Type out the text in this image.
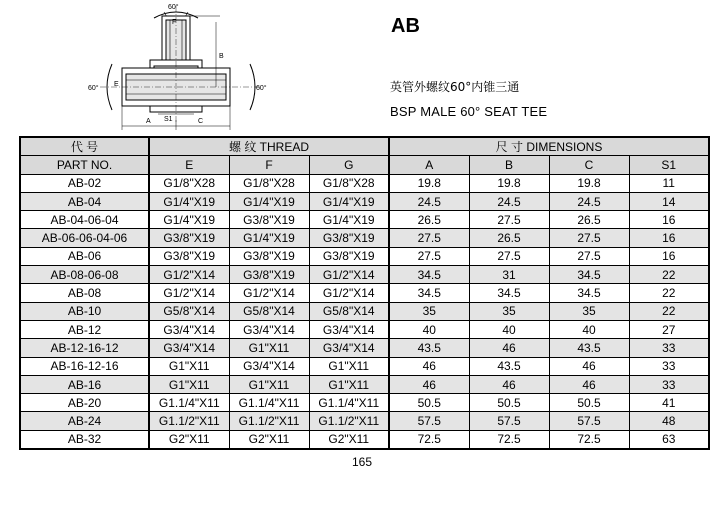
60°
60°	60°
F
E
B
A S1	C
AB
英管外螺纹60°内锥三通
BSP MALE 60° SEAT TEE
代 号	螺 纹 THREAD			尺 寸 DIMENSIONS			
PART NO.	E	F	G	A	B	C	S1
AB-02	G1/8"X28	G1/8"X28	G1/8"X28	19.8	19.8	19.8	11
AB-04	G1/4"X19	G1/4"X19	G1/4"X19	24.5	24.5	24.5	14
AB-04-06-04	G1/4"X19	G3/8"X19	G1/4"X19	26.5	27.5	26.5	16
AB-06-06-04-06	G3/8"X19	G1/4"X19	G3/8"X19	27.5	26.5	27.5	16
AB-06	G3/8"X19	G3/8"X19	G3/8"X19	27.5	27.5	27.5	16
AB-08-06-08	G1/2"X14	G3/8"X19	G1/2"X14	34.5	31	34.5	22
AB-08	G1/2"X14	G1/2"X14	G1/2"X14	34.5	34.5	34.5	22
AB-10	G5/8"X14	G5/8"X14	G5/8"X14	35	35	35	22
AB-12	G3/4"X14	G3/4"X14	G3/4"X14	40	40	40	27
AB-12-16-12	G3/4"X14	G1"X11	G3/4"X14	43.5	46	43.5	33
AB-16-12-16	G1"X11	G3/4"X14	G1"X11	46	43.5	46	33
AB-16	G1"X11	G1"X11	G1"X11	46	46	46	33
AB-20	G1.1/4"X11	G1.1/4"X11	G1.1/4"X11	50.5	50.5	50.5	41
AB-24	G1.1/2"X11	G1.1/2"X11	G1.1/2"X11	57.5	57.5	57.5	48
AB-32	G2"X11	G2"X11	G2"X11	72.5	72.5	72.5	63
165
